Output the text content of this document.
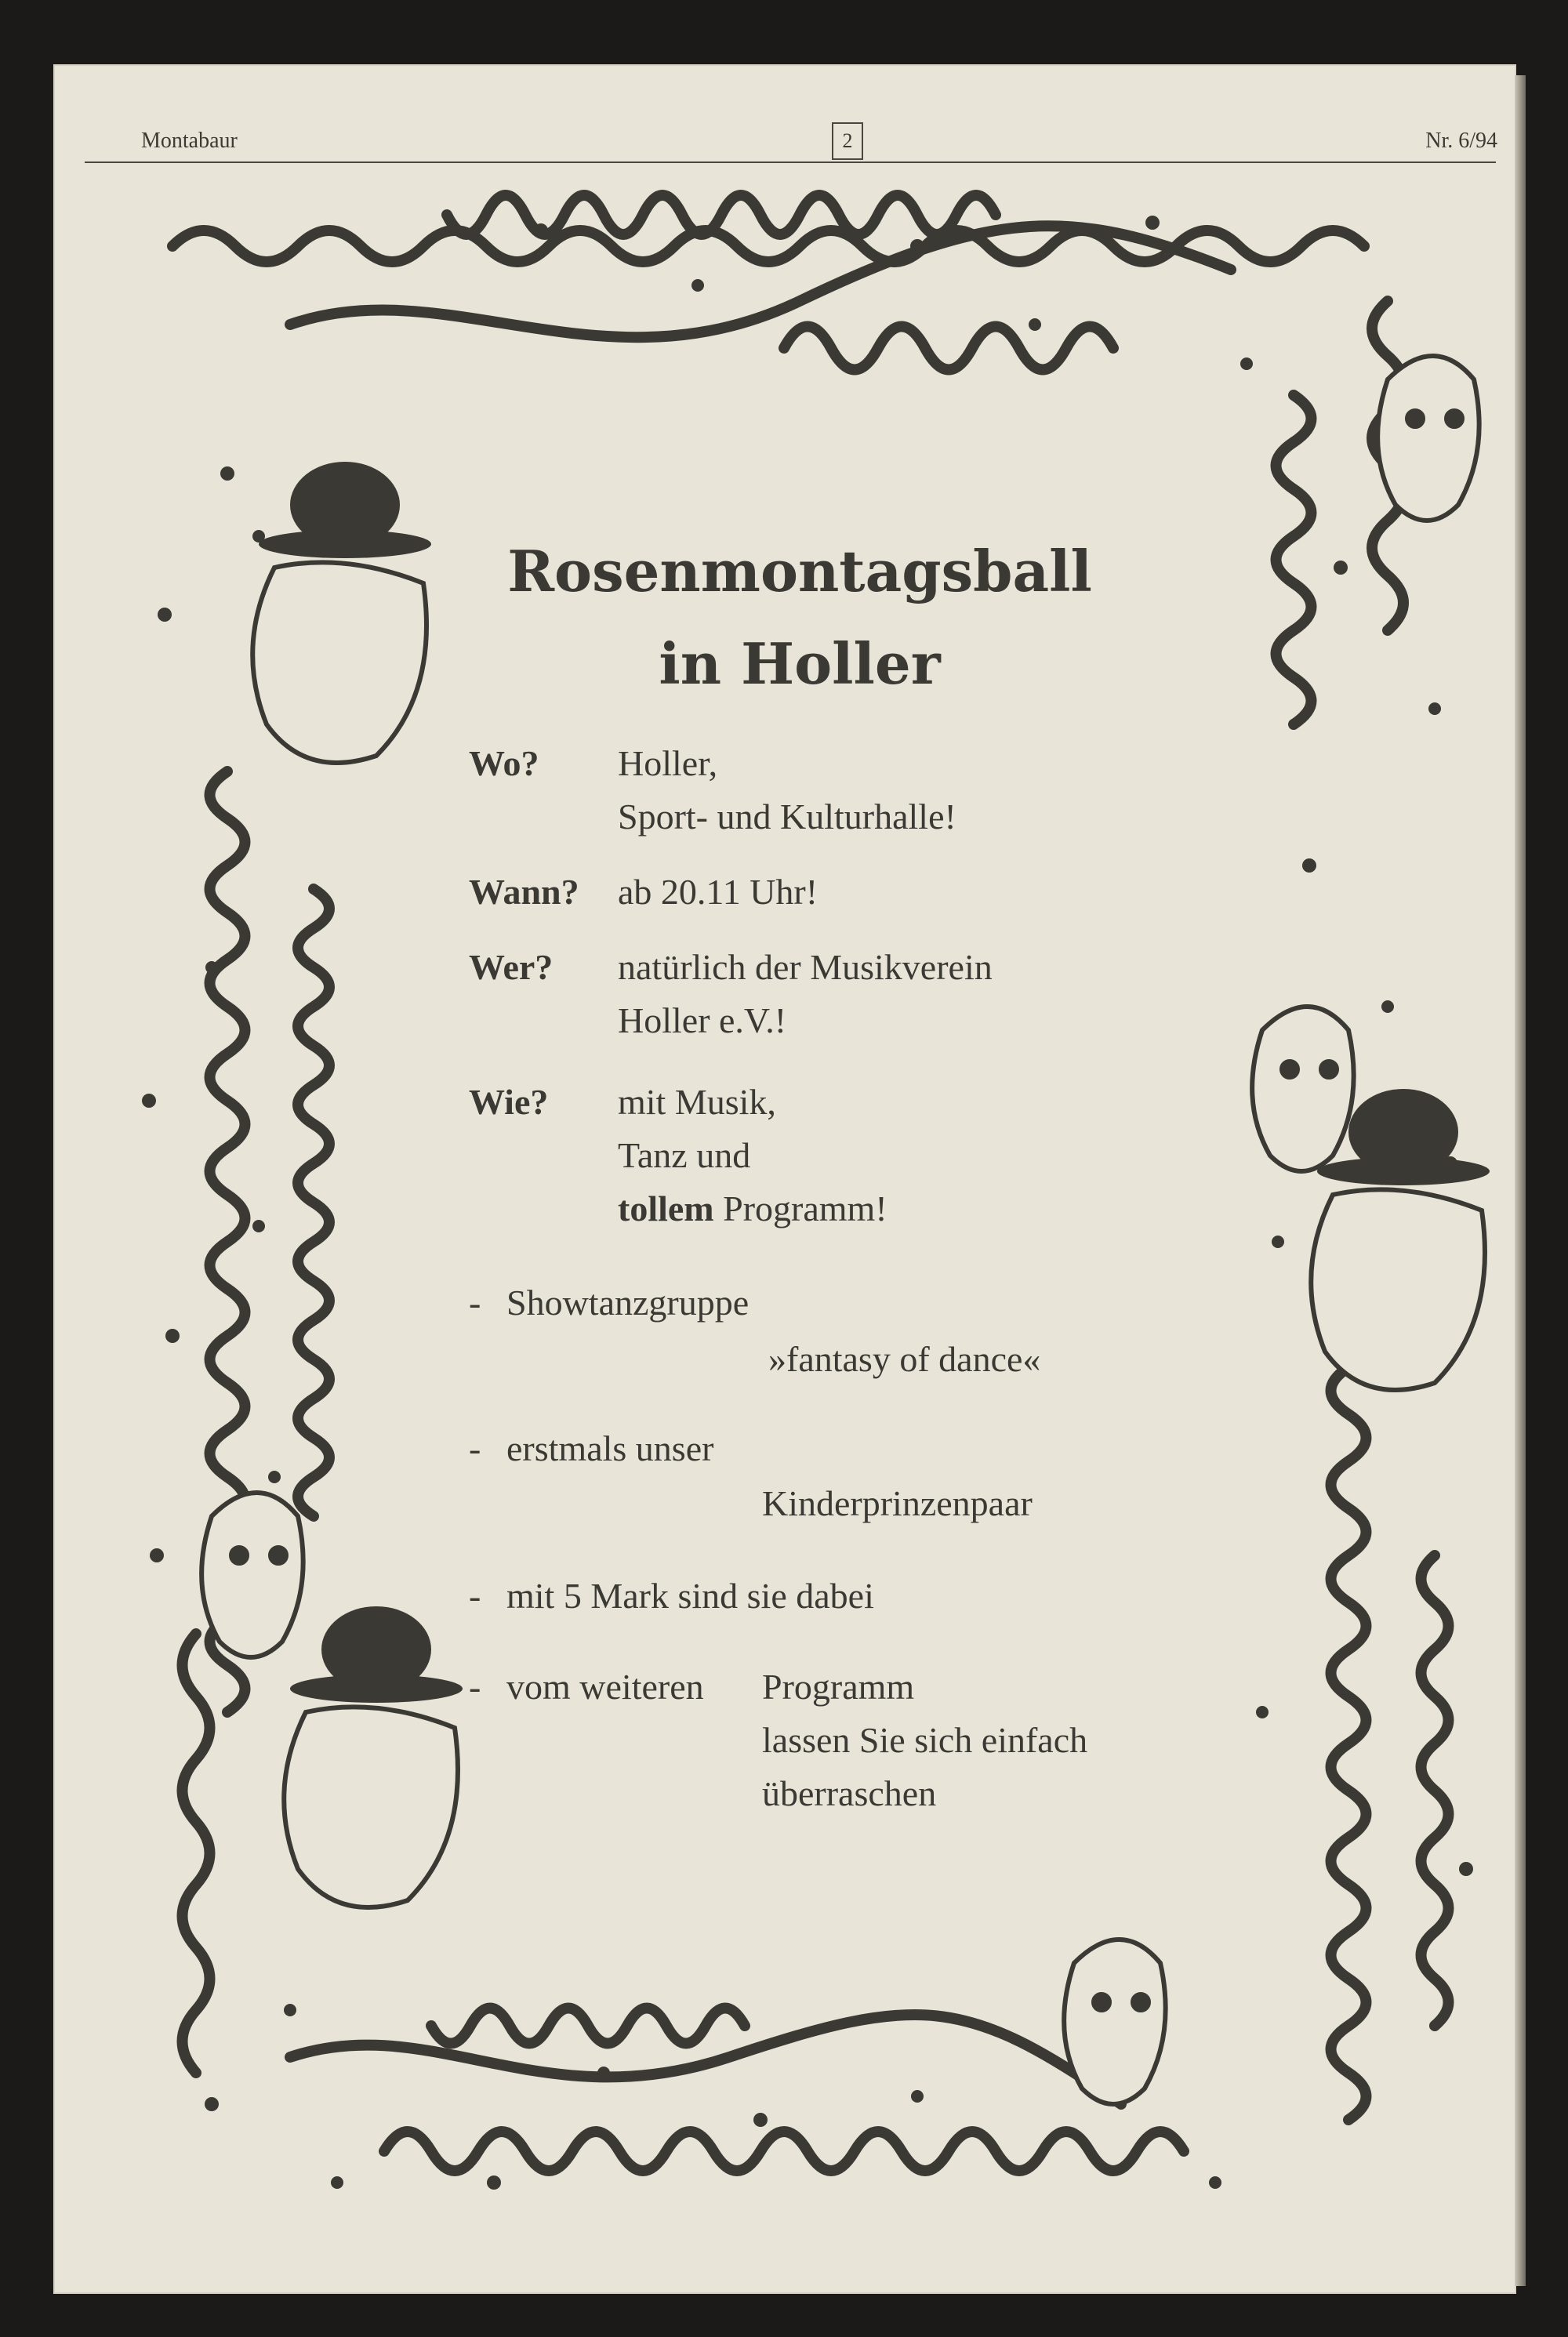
Montabaur	2	Nr. 6/94
Rosenmontagsball
in Holler
Wo? Holler,
Sport- und Kulturhalle!
Wann? ab 20.11 Uhr!
Wer? natürlich der Musikverein
Holler e.V.!
Wie? mit Musik,
Tanz und
tollem Programm!
- Showtanzgruppe
»fantasy of dance«
- erstmals unser
Kinderprinzenpaar
- mit 5 Mark sind sie dabei
- vom weiteren Programm
lassen Sie sich einfach
überraschen
